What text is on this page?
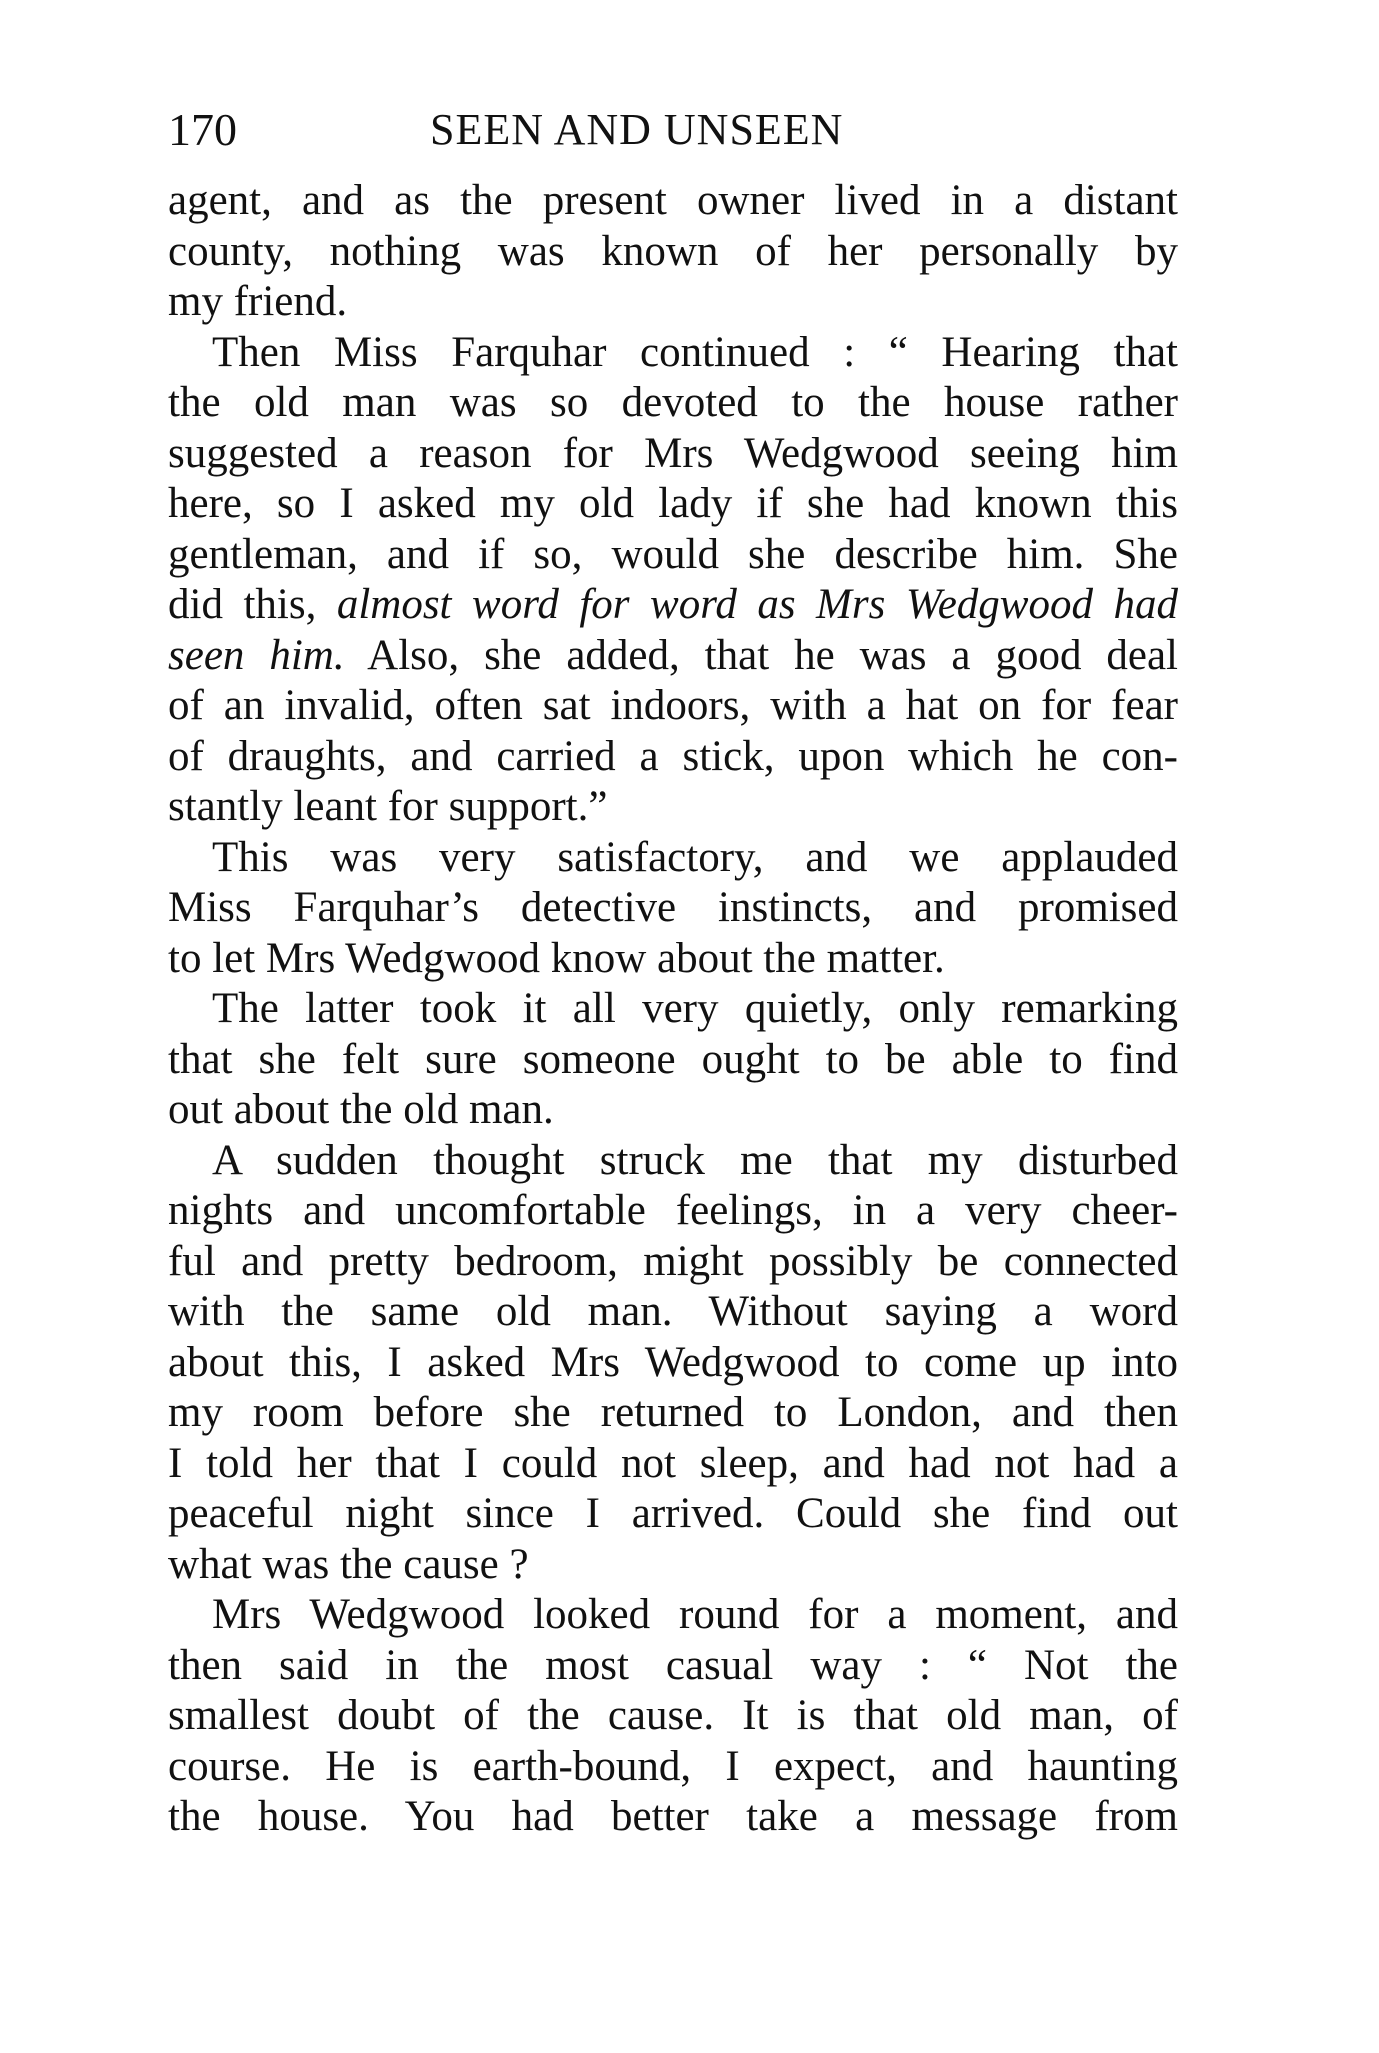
170	SEEN AND UNSEEN
agent, and as the present owner lived in a distant
county, nothing was known of her personally by
my friend.
Then Miss Farquhar continued : “ Hearing that
the old man was so devoted to the house rather
suggested a reason for Mrs Wedgwood seeing him
here, so I asked my old lady if she had known this
gentleman, and if so, would she describe him. She
did this, almost word for word as Mrs Wedgwood had
seen him. Also, she added, that he was a good deal
of an invalid, often sat indoors, with a hat on for fear
of draughts, and carried a stick, upon which he con-
stantly leant for support.”
This was very satisfactory, and we applauded
Miss Farquhar’s detective instincts, and promised
to let Mrs Wedgwood know about the matter.
The latter took it all very quietly, only remarking
that she felt sure someone ought to be able to find
out about the old man.
A sudden thought struck me that my disturbed
nights and uncomfortable feelings, in a very cheer-
ful and pretty bedroom, might possibly be connected
with the same old man. Without saying a word
about this, I asked Mrs Wedgwood to come up into
my room before she returned to London, and then
I told her that I could not sleep, and had not had a
peaceful night since I arrived. Could she find out
what was the cause ?
Mrs Wedgwood looked round for a moment, and
then said in the most casual way : “ Not the
smallest doubt of the cause. It is that old man, of
course. He is earth-bound, I expect, and haunting
the house. You had better take a message from
